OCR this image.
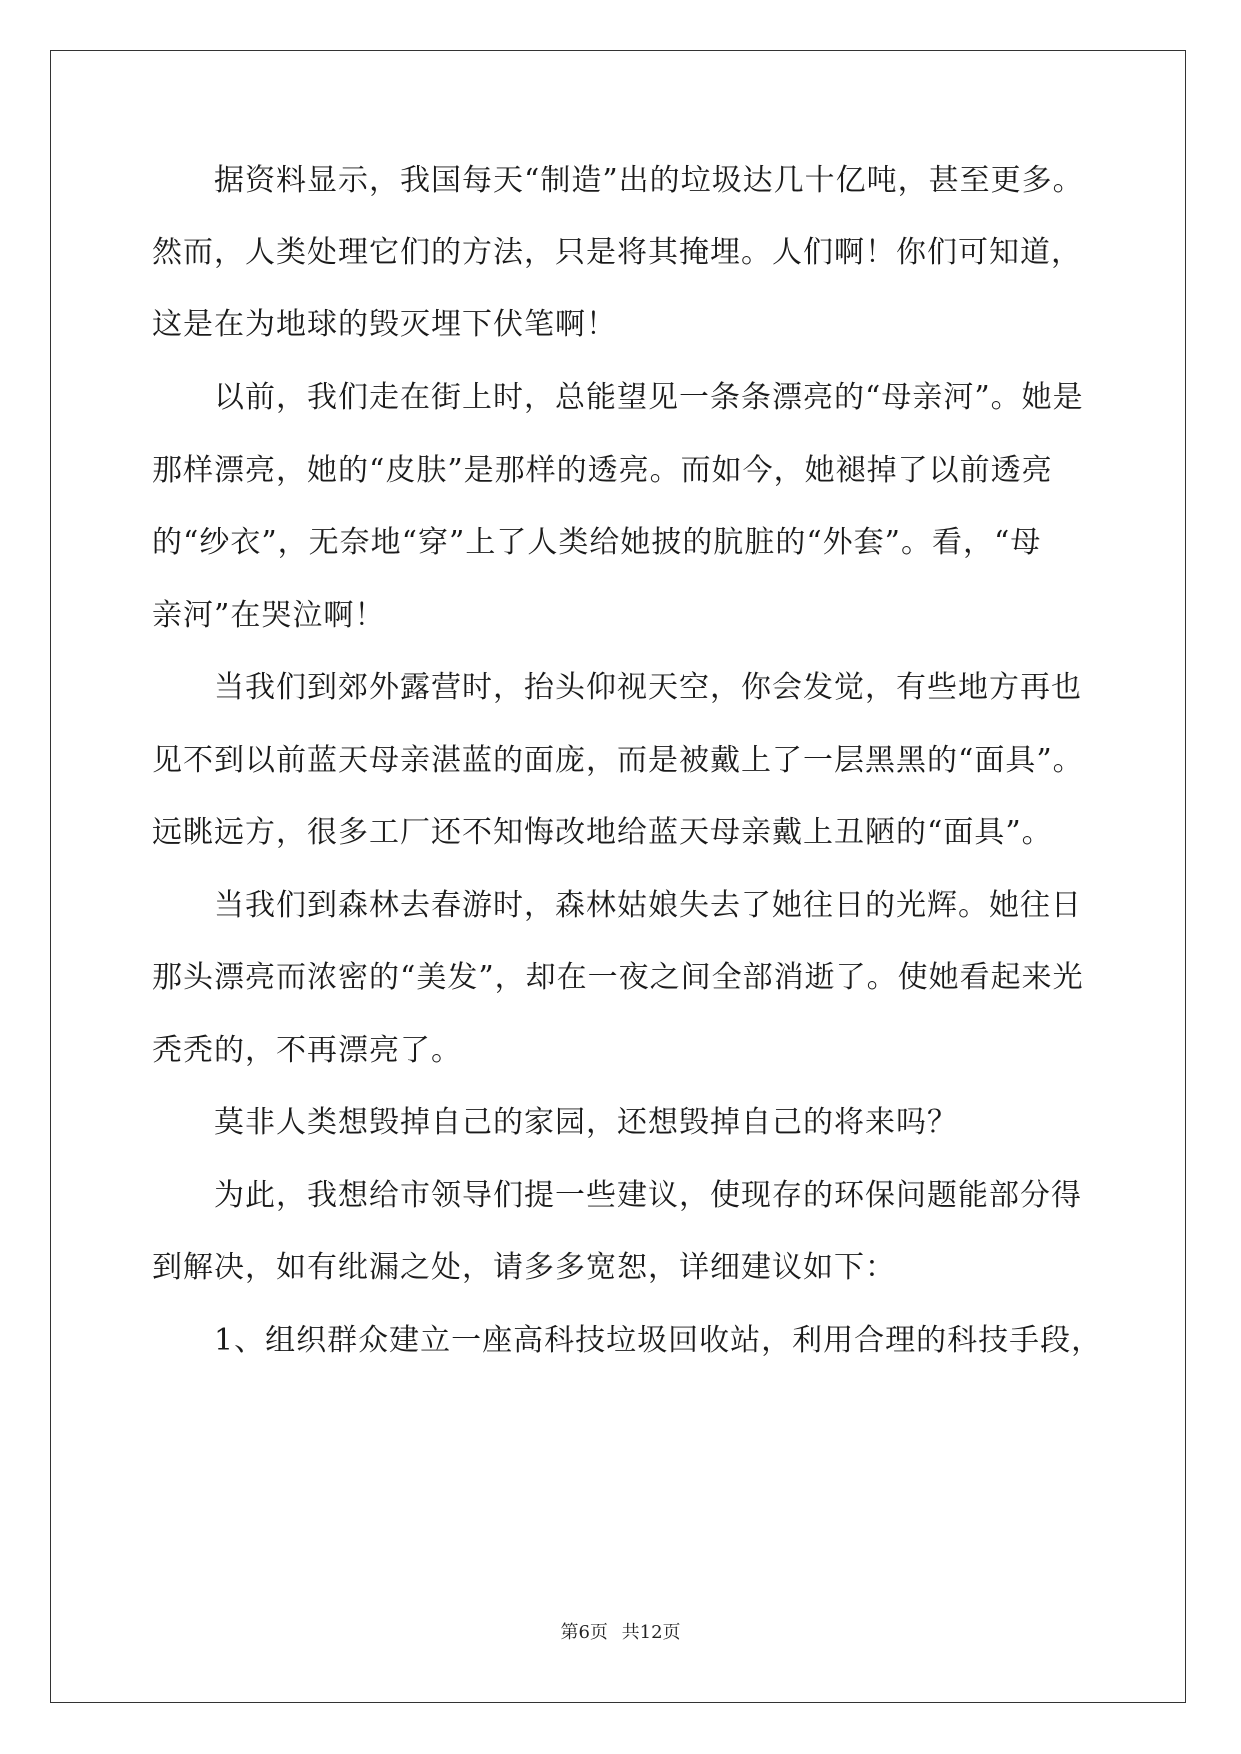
　　据资料显示，我国每天“制造”出的垃圾达几十亿吨，甚至更多。
然而，人类处理它们的方法，只是将其掩埋。人们啊！你们可知道，
这是在为地球的毁灭埋下伏笔啊！
　　以前，我们走在街上时，总能望见一条条漂亮的“母亲河”。她是
那样漂亮，她的“皮肤”是那样的透亮。而如今，她褪掉了以前透亮
的“纱衣”，无奈地“穿”上了人类给她披的肮脏的“外套”。看，“母
亲河”在哭泣啊！
　　当我们到郊外露营时，抬头仰视天空，你会发觉，有些地方再也
见不到以前蓝天母亲湛蓝的面庞，而是被戴上了一层黑黑的“面具”。
远眺远方，很多工厂还不知悔改地给蓝天母亲戴上丑陋的“面具”。
　　当我们到森林去春游时，森林姑娘失去了她往日的光辉。她往日
那头漂亮而浓密的“美发”，却在一夜之间全部消逝了。使她看起来光
秃秃的，不再漂亮了。
　　莫非人类想毁掉自己的家园，还想毁掉自己的将来吗？
　　为此，我想给市领导们提一些建议，使现存的环保问题能部分得
到解决，如有纰漏之处，请多多宽恕，详细建议如下：
　　1、组织群众建立一座高科技垃圾回收站，利用合理的科技手段，
第6页 共12页
